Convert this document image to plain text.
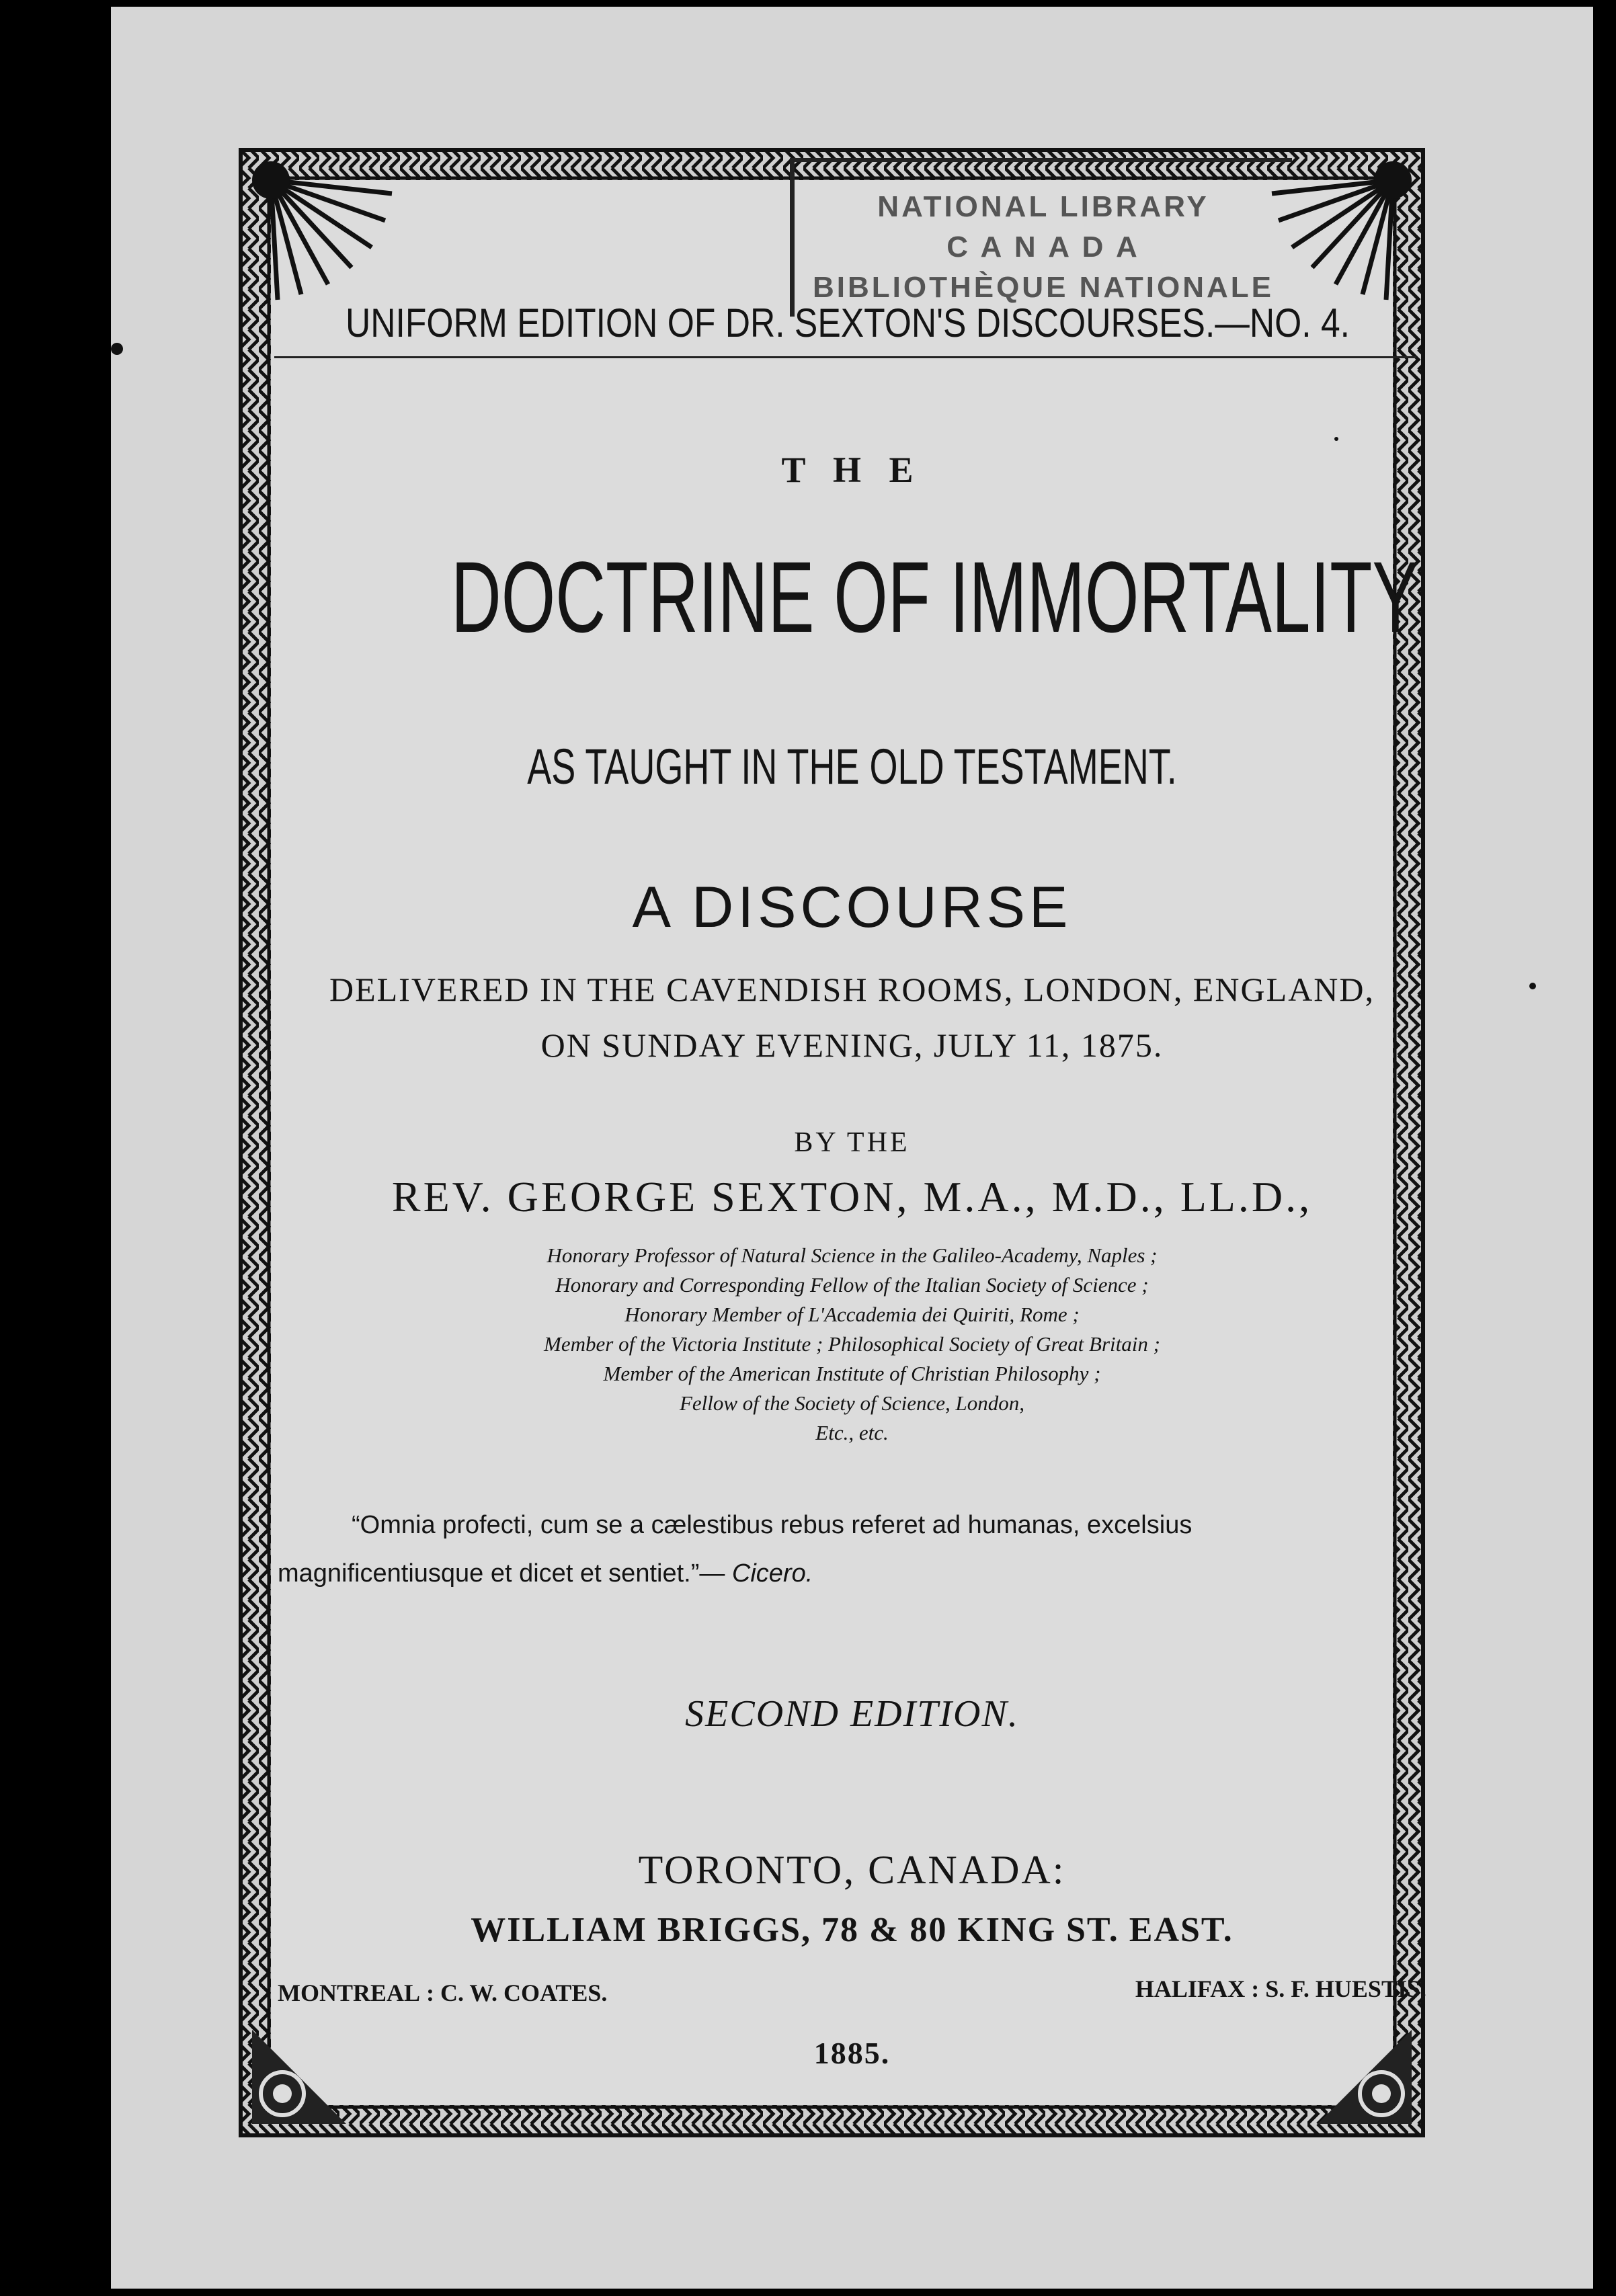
NATIONAL LIBRARY
C A N A D A
BIBLIOTHÈQUE NATIONALE
UNIFORM EDITION OF DR. SEXTON'S DISCOURSES.—NO. 4.
T H E
DOCTRINE OF IMMORTALITY
AS TAUGHT IN THE OLD TESTAMENT.
A DISCOURSE
DELIVERED IN THE CAVENDISH ROOMS, LONDON, ENGLAND,
ON SUNDAY EVENING, JULY 11, 1875.
BY THE
REV. GEORGE SEXTON, M.A., M.D., LL.D.,
Honorary Professor of Natural Science in the Galileo-Academy, Naples ;
Honorary and Corresponding Fellow of the Italian Society of Science ;
Honorary Member of L'Accademia dei Quiriti, Rome ;
Member of the Victoria Institute ; Philosophical Society of Great Britain ;
Member of the American Institute of Christian Philosophy ;
Fellow of the Society of Science, London,
Etc., etc.
“Omnia profecti, cum se a cælestibus rebus referet ad humanas, excelsius
magnificentiusque et dicet et sentiet.”— Cicero.
SECOND EDITION.
TORONTO, CANADA:
WILLIAM BRIGGS, 78 & 80 KING ST. EAST.
MONTREAL : C. W. COATES.	HALIFAX : S. F. HUESTIS.
1885.
